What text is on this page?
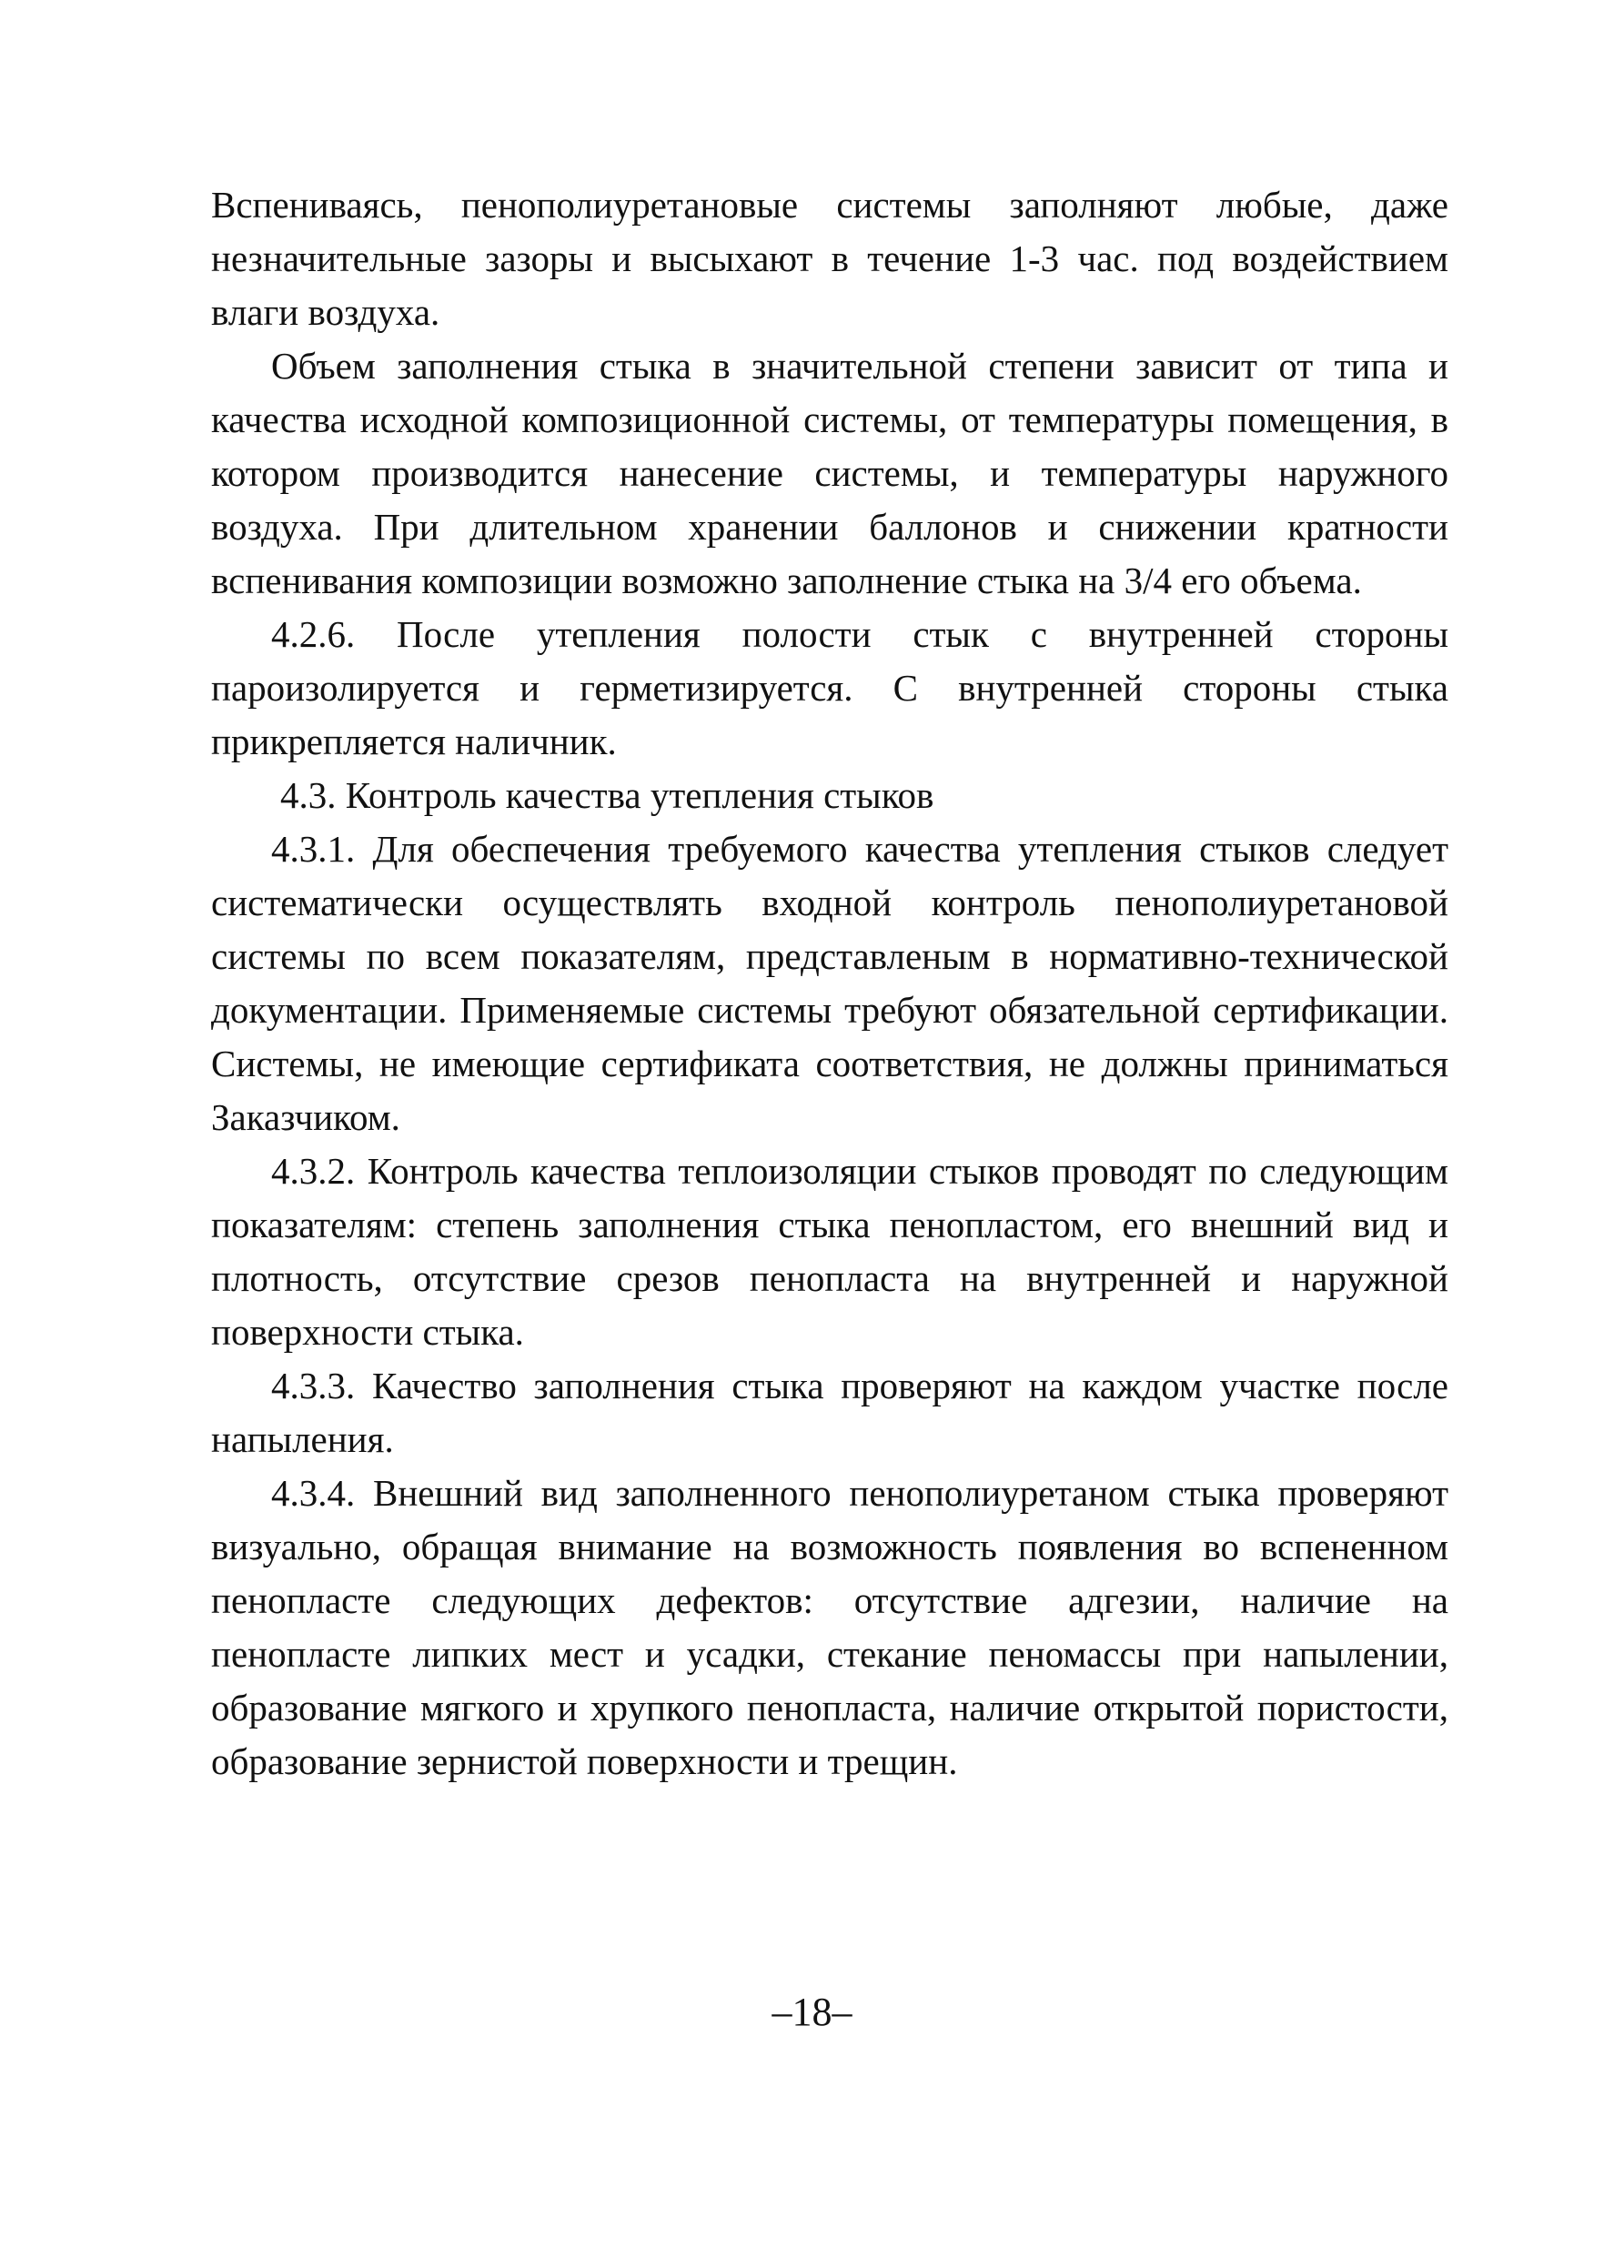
Вспениваясь, пенополиуретановые системы заполняют любые, даже незначительные зазоры и высыхают в течение 1-3 час. под воздействием влаги воздуха.

Объем заполнения стыка в значительной степени зависит от типа и качества исходной композиционной системы, от температуры помещения, в котором производится нанесение системы, и температуры наружного воздуха. При длительном хранении баллонов и снижении кратности вспенивания композиции возможно заполнение стыка на 3/4 его объема.

4.2.6. После утепления полости стык с внутренней стороны пароизолируется и герметизируется. С внутренней стороны стыка прикрепляется наличник.

4.3. Контроль качества утепления стыков

4.3.1. Для обеспечения требуемого качества утепления стыков следует систематически осуществлять входной контроль пенополиуретановой системы по всем показателям, представленым в нормативно-технической документации. Применяемые системы требуют обязательной сертификации. Системы, не имеющие сертификата соответствия, не должны приниматься Заказчиком.

4.3.2. Контроль качества теплоизоляции стыков проводят по следующим показателям: степень заполнения стыка пенопластом, его внешний вид и плотность, отсутствие срезов пенопласта на внутренней и наружной поверхности стыка.

4.3.3. Качество заполнения стыка проверяют на каждом участке после напыления.

4.3.4. Внешний вид заполненного пенополиуретаном стыка проверяют визуально, обращая внимание на возможность появления во вспененном пенопласте следующих дефектов: отсутствие адгезии, наличие на пенопласте липких мест и усадки, стекание пеномассы при напылении, образование мягкого и хрупкого пенопласта, наличие открытой пористости, образование зернистой поверхности и трещин.

–18–
